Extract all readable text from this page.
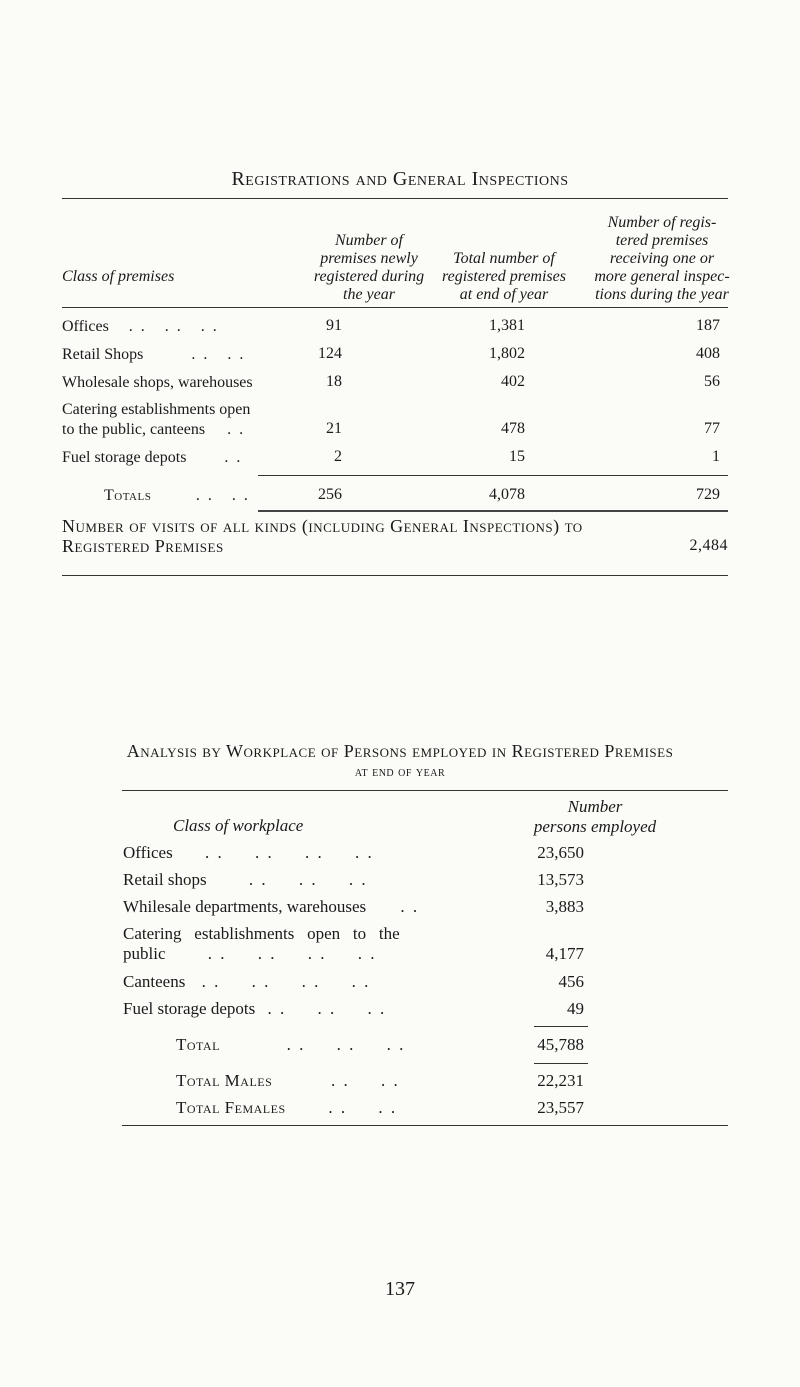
Registrations and General Inspections
Class of premises
Number of
premises newly
registered during
the year
Total number of
registered premises
at end of year
Number of regis-
tered premises
receiving one or
more general inspec-
tions during the year
Offices . .   . .   . .	91	1,381	187
Retail Shops	. .   . .	124	1,802	408
Wholesale shops, warehouses	18	402	56
Catering establishments open
to the public, canteens . .	21	478	77
Fuel storage depots . .	2	15	1
Totals	. .   . .	256	4,078	729
Number of visits of all kinds (including General Inspections) to
Registered Premises	2,484
Analysis by Workplace of Persons employed in Registered Premises
at end of year
Class of workplace
Number
persons employed
Offices . .     . .     . .     . .	23,650
Retail shops . .     . .     . .	13,573
Whilesale departments, warehouses . .	3,883
Catering   establishments   open   to   the
public . .     . .     . .     . .	4,177
Canteens . .     . .     . .     . .	456
Fuel storage depots . .     . .     . .	49
Total	. .     . .     . .	45,788
Total Males	. .     . .	22,231
Total Females	. .     . .	23,557
137
